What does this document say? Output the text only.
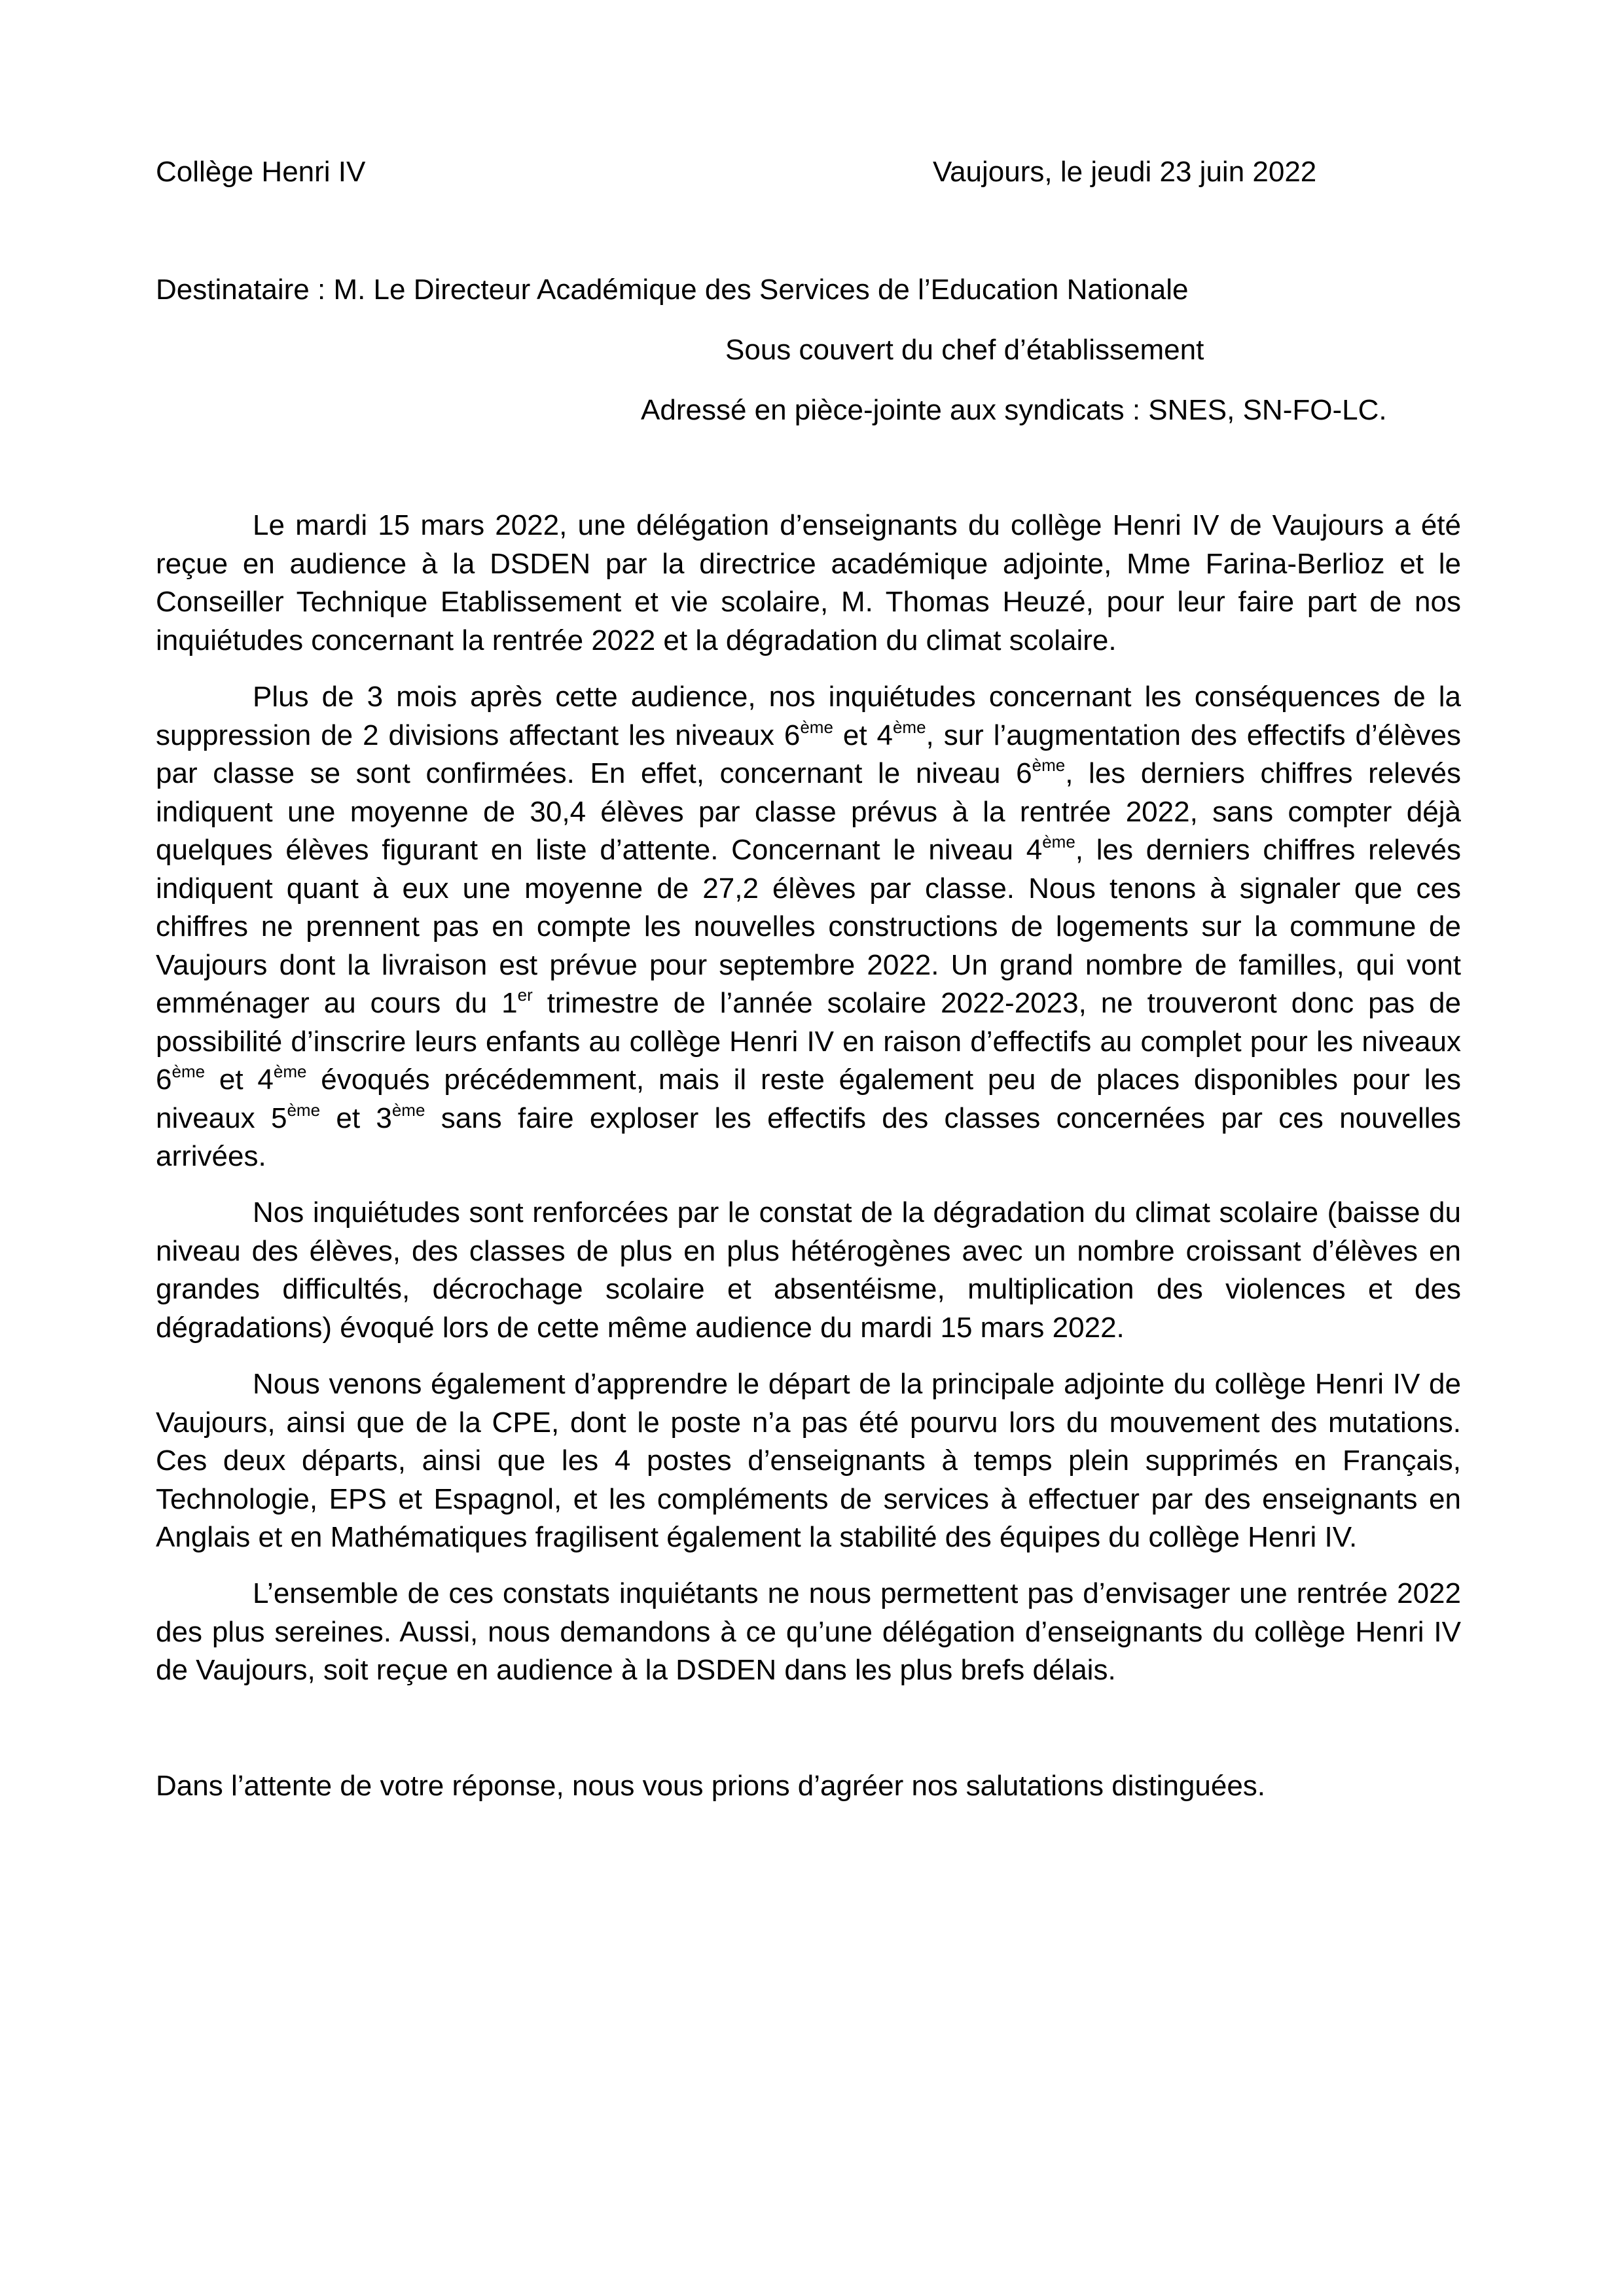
Collège Henri IV	Vaujours, le jeudi 23 juin 2022
Destinataire : M. Le Directeur Académique des Services de l’Education Nationale
Sous couvert du chef d’établissement
Adressé en pièce-jointe aux syndicats : SNES, SN-FO-LC.

Le mardi 15 mars 2022, une délégation d’enseignants du collège Henri IV de Vaujours a été reçue en audience à la DSDEN par la directrice académique adjointe, Mme Farina-Berlioz et le Conseiller Technique Etablissement et vie scolaire, M. Thomas Heuzé, pour leur faire part de nos inquiétudes concernant la rentrée 2022 et la dégradation du climat scolaire.

Plus de 3 mois après cette audience, nos inquiétudes concernant les conséquences de la suppression de 2 divisions affectant les niveaux 6ème et 4ème, sur l’augmentation des effectifs d’élèves par classe se sont confirmées. En effet, concernant le niveau 6ème, les derniers chiffres relevés indiquent une moyenne de 30,4 élèves par classe prévus à la rentrée 2022, sans compter déjà quelques élèves figurant en liste d’attente. Concernant le niveau 4ème, les derniers chiffres relevés indiquent quant à eux une moyenne de 27,2 élèves par classe. Nous tenons à signaler que ces chiffres ne prennent pas en compte les nouvelles constructions de logements sur la commune de Vaujours dont la livraison est prévue pour septembre 2022. Un grand nombre de familles, qui vont emménager au cours du 1er trimestre de l’année scolaire 2022-2023, ne trouveront donc pas de possibilité d’inscrire leurs enfants au collège Henri IV en raison d’effectifs au complet pour les niveaux 6ème et 4ème évoqués précédemment, mais il reste également peu de places disponibles pour les niveaux 5ème et 3ème sans faire exploser les effectifs des classes concernées par ces nouvelles arrivées.

Nos inquiétudes sont renforcées par le constat de la dégradation du climat scolaire (baisse du niveau des élèves, des classes de plus en plus hétérogènes avec un nombre croissant d’élèves en grandes difficultés, décrochage scolaire et absentéisme, multiplication des violences et des dégradations) évoqué lors de cette même audience du mardi 15 mars 2022.

Nous venons également d’apprendre le départ de la principale adjointe du collège Henri IV de Vaujours, ainsi que de la CPE, dont le poste n’a pas été pourvu lors du mouvement des mutations. Ces deux départs, ainsi que les 4 postes d’enseignants à temps plein supprimés en Français, Technologie, EPS et Espagnol, et les compléments de services à effectuer par des enseignants en Anglais et en Mathématiques fragilisent également la stabilité des équipes du collège Henri IV.

L’ensemble de ces constats inquiétants ne nous permettent pas d’envisager une rentrée 2022 des plus sereines. Aussi, nous demandons à ce qu’une délégation d’enseignants du collège Henri IV de Vaujours, soit reçue en audience à la DSDEN dans les plus brefs délais.

Dans l’attente de votre réponse, nous vous prions d’agréer nos salutations distinguées.
